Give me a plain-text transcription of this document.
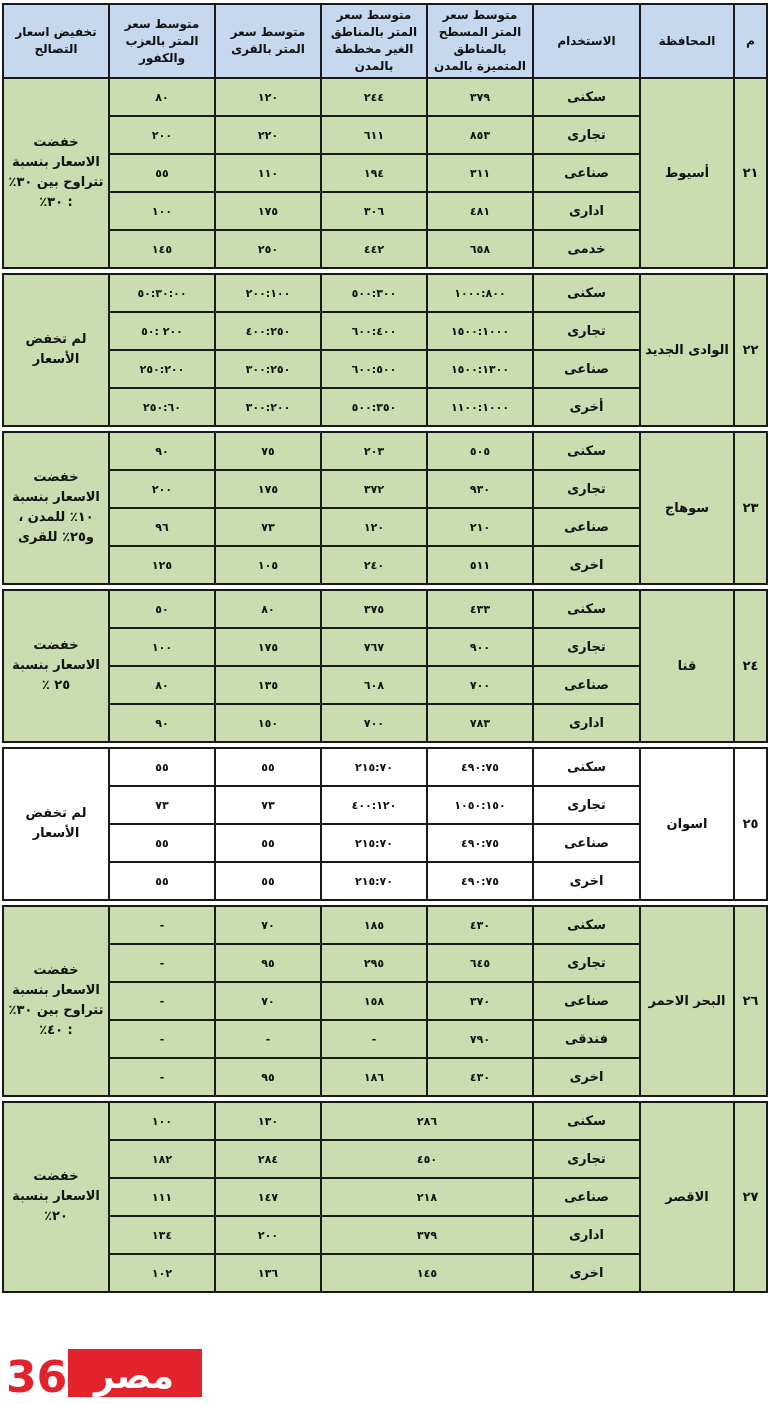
م	المحافظة	الاستخدام	متوسط سعر المتر المسطح بالمناطق المتميزة بالمدن	متوسط سعر المتر بالمناطق الغير مخططة بالمدن	متوسط سعر المتر بالقرى	متوسط سعر المتر بالعزب والكفور	تخفيض اسعار التصالح
٢١	أسيوط	سكنى	٣٧٩	٢٤٤	١٢٠	٨٠	خفضت الاسعار بنسبة تتراوح بين ٣٠٪ : ٣٠٪
		تجارى	٨٥٣	٦١١	٢٢٠	٢٠٠	
		صناعى	٣١١	١٩٤	١١٠	٥٥	
		ادارى	٤٨١	٣٠٦	١٧٥	١٠٠	
		خدمى	٦٥٨	٤٤٢	٢٥٠	١٤٥	

٢٢	الوادى الجديد	سكنى	١٠٠٠:٨٠٠	٥٠٠:٣٠٠	٢٠٠:١٠٠	٥٠:٣٠:٠٠	لم تخفض الأسعار
		تجارى	١٥٠٠:١٠٠٠	٦٠٠:٤٠٠	٤٠٠:٢٥٠	٢٠٠ :٥٠	
		صناعى	١٥٠٠:١٣٠٠	٦٠٠:٥٠٠	٣٠٠:٢٥٠	٢٥٠:٢٠٠	
		أخرى	١١٠٠:١٠٠٠	٥٠٠:٣٥٠	٣٠٠:٢٠٠	٢٥٠:٦٠	

٢٣	سوهاج	سكنى	٥٠٥	٢٠٣	٧٥	٩٠	خفضت الاسعار بنسبة ١٠٪ للمدن ، و٢٥٪ للقرى
		تجارى	٩٣٠	٣٧٢	١٧٥	٢٠٠	
		صناعى	٢١٠	١٢٠	٧٣	٩٦	
		اخرى	٥١١	٢٤٠	١٠٥	١٢٥	

٢٤	قنا	سكنى	٤٣٣	٣٧٥	٨٠	٥٠	خفضت الاسعار بنسبة ٢٥ ٪
		تجارى	٩٠٠	٧٦٧	١٧٥	١٠٠	
		صناعى	٧٠٠	٦٠٨	١٣٥	٨٠	
		ادارى	٧٨٣	٧٠٠	١٥٠	٩٠	

٢٥	اسوان	سكنى	٤٩٠:٧٥	٢١٥:٧٠	٥٥	٥٥	لم تخفض الأسعار
		تجارى	١٠٥٠:١٥٠	٤٠٠:١٢٠	٧٣	٧٣	
		صناعى	٤٩٠:٧٥	٢١٥:٧٠	٥٥	٥٥	
		اخرى	٤٩٠:٧٥	٢١٥:٧٠	٥٥	٥٥	

٢٦	البحر الاحمر	سكنى	٤٣٠	١٨٥	٧٠	-	خفضت الاسعار بنسبة تتراوح بين ٣٠٪ : ٤٠٪
		تجارى	٦٤٥	٢٩٥	٩٥	-	
		صناعى	٣٧٠	١٥٨	٧٠	-	
		فندقى	٧٩٠	-	-	-	
		اخرى	٤٣٠	١٨٦	٩٥	-	

٢٧	الاقصر	سكنى	٢٨٦		١٣٠	١٠٠	خفضت الاسعار بنسبة ٢٠٪
		تجارى	٤٥٠		٢٨٤	١٨٢	
		صناعى	٢١٨		١٤٧	١١١	
		ادارى	٣٧٩		٢٠٠	١٣٤	
		اخرى	١٤٥		١٣٦	١٠٢	
مصر
365
